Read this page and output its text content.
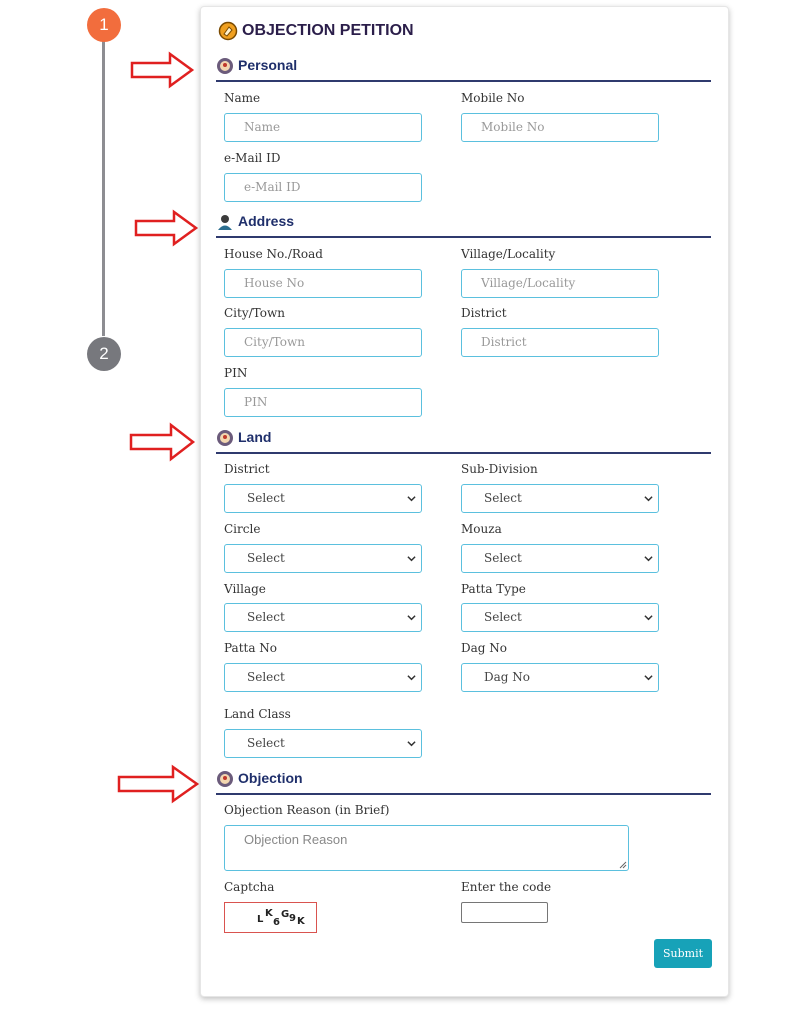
1
2
OBJECTION PETITION
Personal
Name	Mobile No
Name	Mobile No
e-Mail ID
e-Mail ID
Address
House No./Road	Village/Locality
House No	Village/Locality
City/Town	District
City/Town	District
PIN
PIN
Land
District	Sub-Division
Select	Select
Circle	Mouza
Select	Select
Village	Patta Type
Select	Select
Patta No	Dag No
Select	Dag No
Land Class
Select
Objection
Objection Reason (in Brief)
Objection Reason
Captcha	Enter the code
L
K
6
G 9 K
Submit
